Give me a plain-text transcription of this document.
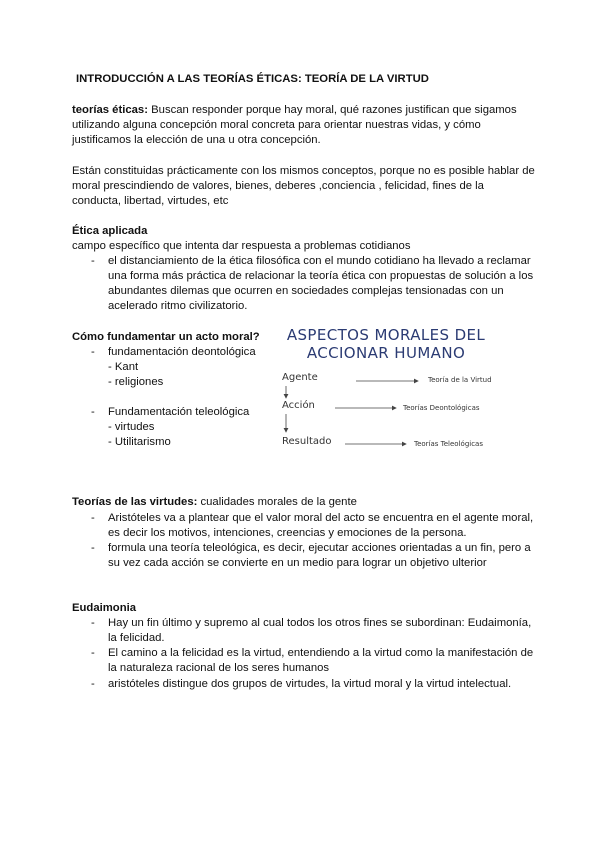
INTRODUCCIÓN A LAS TEORÍAS ÉTICAS: TEORÍA DE LA VIRTUD
teorías éticas: Buscan responder porque hay moral, qué razones justifican que sigamos
utilizando alguna concepción moral concreta para orientar nuestras vidas, y cómo
justificamos la elección de una u otra concepción.
Están constituidas prácticamente con los mismos conceptos, porque no es posible hablar de
moral prescindiendo de valores, bienes, deberes ,conciencia , felicidad, fines de la
conducta, libertad, virtudes, etc
Ética aplicada
campo específico que intenta dar respuesta a problemas cotidianos
- el distanciamiento de la ética filosófica con el mundo cotidiano ha llevado a reclamar
una forma más práctica de relacionar la teoría ética con propuestas de solución a los
abundantes dilemas que ocurren en sociedades complejas tensionadas con un
acelerado ritmo civilizatorio.
Cómo fundamentar un acto moral?
- fundamentación deontológica
- Kant
- religiones
- Fundamentación teleológica
- virtudes
- Utilitarismo
ASPECTOS MORALES DEL
ACCIONAR HUMANO
Agente
Acción
Resultado
Teoría de la Virtud
Teorías Deontológicas
Teorías Teleológicas
Teorías de las virtudes: cualidades morales de la gente
- Aristóteles va a plantear que el valor moral del acto se encuentra en el agente moral,
es decir los motivos, intenciones, creencias y emociones de la persona.
- formula una teoría teleológica, es decir, ejecutar acciones orientadas a un fin, pero a
su vez cada acción se convierte en un medio para lograr un objetivo ulterior
Eudaimonia
- Hay un fin último y supremo al cual todos los otros fines se subordinan: Eudaimonía,
la felicidad.
- El camino a la felicidad es la virtud, entendiendo a la virtud como la manifestación de
la naturaleza racional de los seres humanos
- aristóteles distingue dos grupos de virtudes, la virtud moral y la virtud intelectual.
